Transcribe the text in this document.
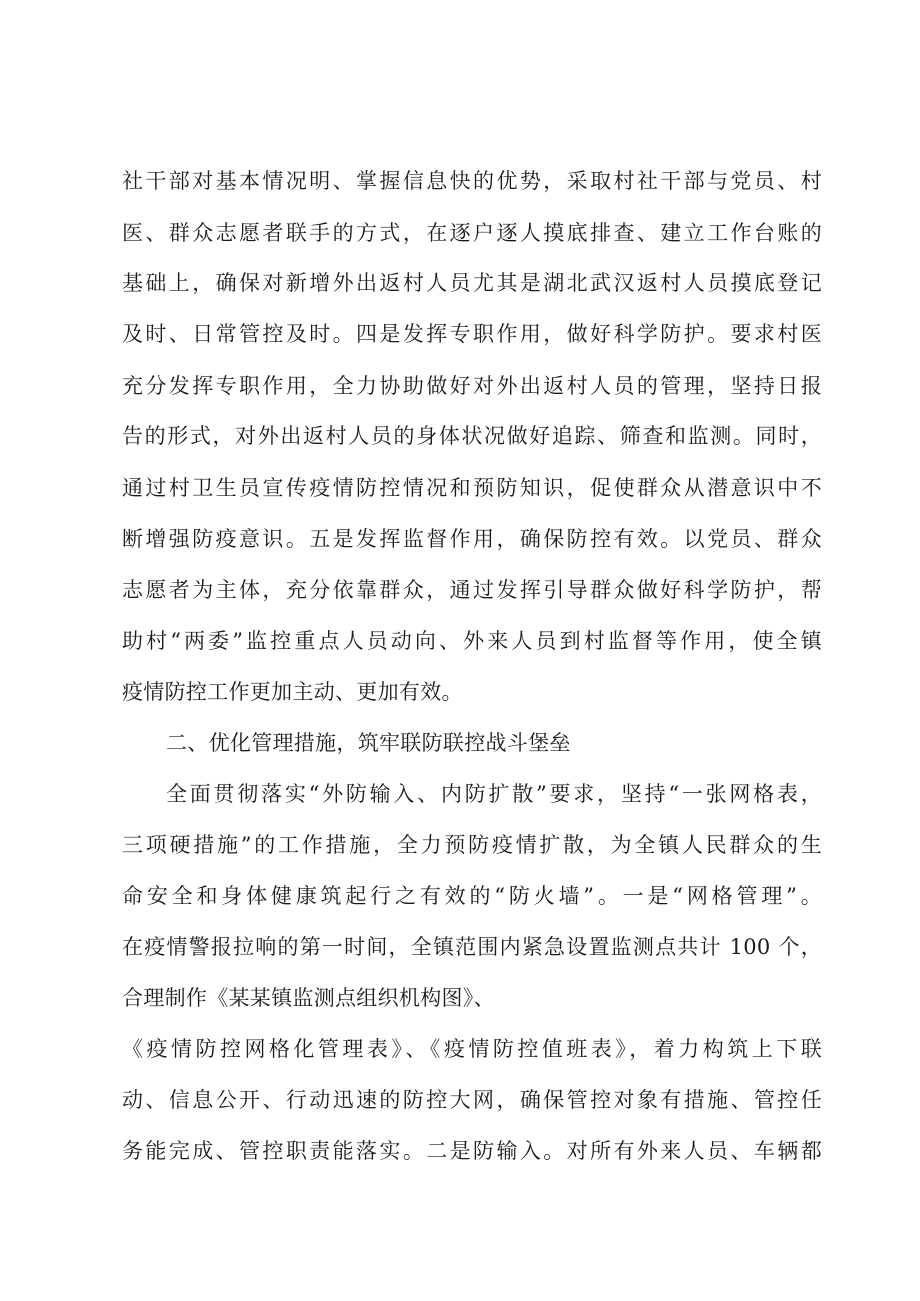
社干部对基本情况明、掌握信息快的优势，采取村社干部与党员、村
医、群众志愿者联手的方式，在逐户逐人摸底排查、建立工作台账的
基础上，确保对新增外出返村人员尤其是湖北武汉返村人员摸底登记
及时、日常管控及时。四是发挥专职作用，做好科学防护。要求村医
充分发挥专职作用，全力协助做好对外出返村人员的管理，坚持日报
告的形式，对外出返村人员的身体状况做好追踪、筛查和监测。同时，
通过村卫生员宣传疫情防控情况和预防知识，促使群众从潜意识中不
断增强防疫意识。五是发挥监督作用，确保防控有效。以党员、群众
志愿者为主体，充分依靠群众，通过发挥引导群众做好科学防护，帮
助村“两委”监控重点人员动向、外来人员到村监督等作用，使全镇
疫情防控工作更加主动、更加有效。
二、优化管理措施，筑牢联防联控战斗堡垒
全面贯彻落实“外防输入、内防扩散”要求，坚持“一张网格表，
三项硬措施”的工作措施，全力预防疫情扩散，为全镇人民群众的生
命安全和身体健康筑起行之有效的“防火墙”。一是“网格管理”。
在疫情警报拉响的第一时间，全镇范围内紧急设置监测点共计 100 个，
合理制作《某某镇监测点组织机构图》、
《疫情防控网格化管理表》、《疫情防控值班表》，着力构筑上下联
动、信息公开、行动迅速的防控大网，确保管控对象有措施、管控任
务能完成、管控职责能落实。二是防输入。对所有外来人员、车辆都
